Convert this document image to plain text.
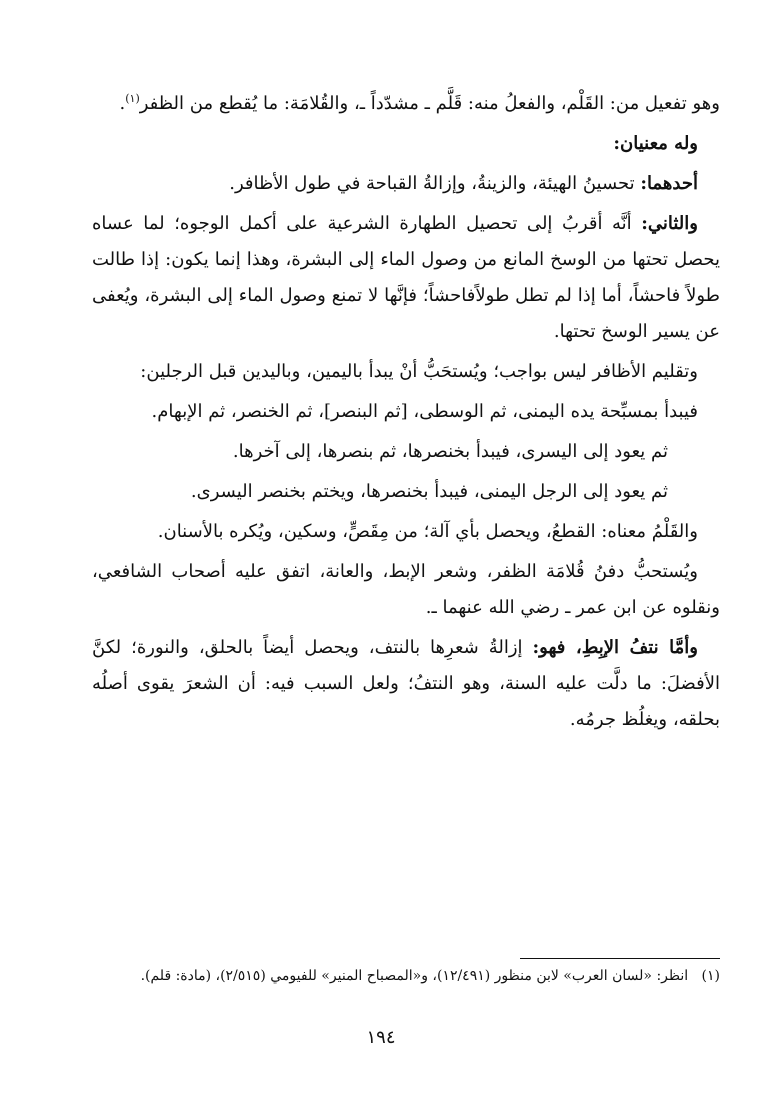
وهو تفعيل من: القَلْم، والفعلُ منه: قَلَّم ـ مشدّداً ـ، والقُلامَة: ما يُقطع من الظفر$^{(١)}$.

وله معنيان:

أحدهما: تحسينُ الهيئة، والزينةُ، وإزالةُ القباحة في طول الأظافر.

والثاني: أنَّه أقربُ إلى تحصيل الطهارة الشرعية على أكمل الوجوه؛ لما عساه يحصل تحتها من الوسخ المانع من وصول الماء إلى البشرة، وهذا إنما يكون: إذا طالت طولاً فاحشاً، أما إذا لم تطل طولاًفاحشاً؛ فإنَّها لا تمنع وصول الماء إلى البشرة، ويُعفى عن يسير الوسخ تحتها.

وتقليم الأظافر ليس بواجب؛ ويُستحَبُّ أنْ يبدأ باليمين، وباليدين قبل الرجلين:

فيبدأ بمسبِّحة يده اليمنى، ثم الوسطى، [ثم البنصر]، ثم الخنصر، ثم الإبهام.

ثم يعود إلى اليسرى، فيبدأ بخنصرها، ثم بنصرها، إلى آخرها.

ثم يعود إلى الرجل اليمنى، فيبدأ بخنصرها، ويختم بخنصر اليسرى.

والقَلْمُ معناه: القطعُ، ويحصل بأي آلة؛ من مِقَصٍّ، وسكين، ويُكره بالأسنان.

ويُستحبُّ دفنُ قُلامَة الظفر، وشعر الإبط، والعانة، اتفق عليه أصحاب الشافعي، ونقلوه عن ابن عمر ـ رضي الله عنهما ـ.

وأمَّا نتفُ الإبِطِ، فهو: إزالةُ شعرِها بالنتف، ويحصل أيضاً بالحلق، والنورة؛ لكنَّ الأفضلَ: ما دلَّت عليه السنة، وهو النتفُ؛ ولعل السبب فيه: أن الشعرَ يقوى أصلُه بحلقه، ويغلُظ جرمُه.

(١)   انظر: «لسان العرب» لابن منظور (١٢/٤٩١)، و«المصباح المنير» للفيومي (٢/٥١٥)، (مادة: قلم).

١٩٤
